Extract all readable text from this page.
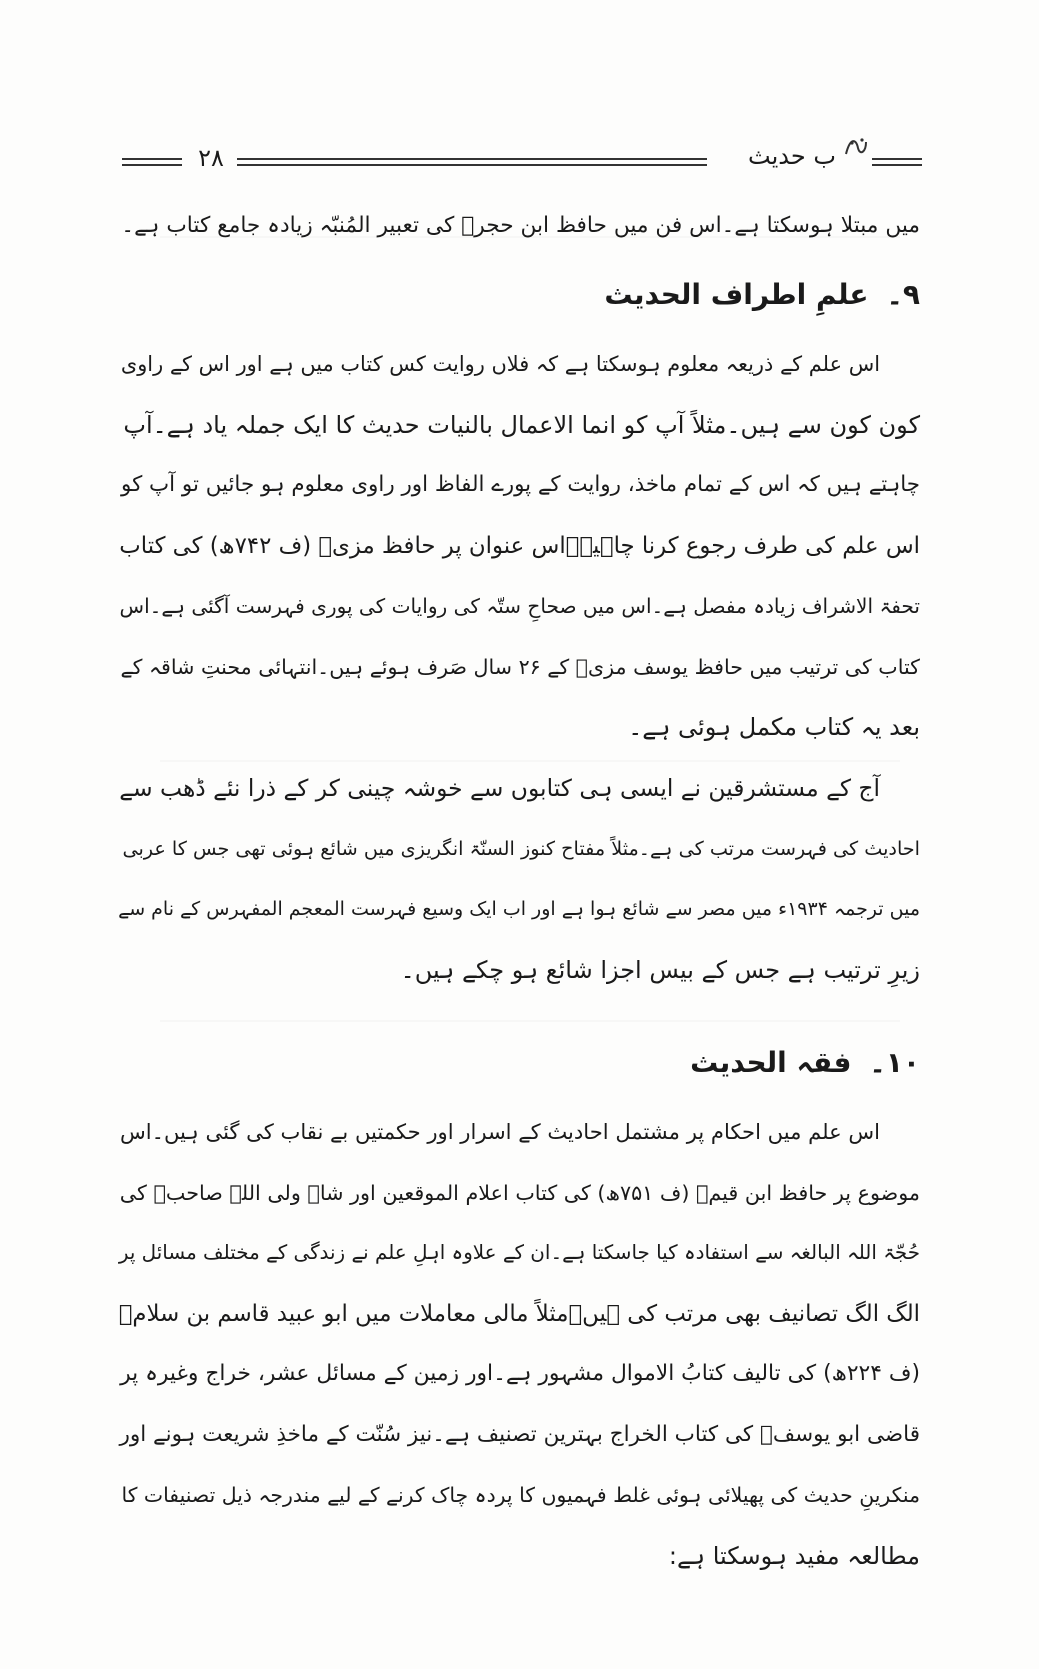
۲۸	ب حدیث
میں مبتلا ہوسکتا ہے۔اس فن میں حافظ ابن حجرؒ کی تعبیر المُنبّہ زیادہ جامع کتاب ہے۔
۹۔علمِ اطراف الحدیث
اس علم کے ذریعہ معلوم ہوسکتا ہے کہ فلاں روایت کس کتاب میں ہے اور اس کے راوی
کون کون سے ہیں۔مثلاً آپ کو انما الاعمال بالنیات حدیث کا ایک جملہ یاد ہے۔آپ
چاہتے ہیں کہ اس کے تمام ماخذ، روایت کے پورے الفاظ اور راوی معلوم ہو جائیں تو آپ کو
اس علم کی طرف رجوع کرنا چاہیے۔اس عنوان پر حافظ مزیؒ (ف ۷۴۲ھ) کی کتاب
تحفۃ الاشراف زیادہ مفصل ہے۔اس میں صحاحِ ستّہ کی روایات کی پوری فہرست آگئی ہے۔اس
کتاب کی ترتیب میں حافظ یوسف مزیؒ کے ۲۶ سال صَرف ہوئے ہیں۔انتہائی محنتِ شاقہ کے
بعد یہ کتاب مکمل ہوئی ہے۔
آج کے مستشرقین نے ایسی ہی کتابوں سے خوشہ چینی کر کے ذرا نئے ڈھب سے
احادیث کی فہرست مرتب کی ہے۔مثلاً مفتاح کنوز السنّۃ انگریزی میں شائع ہوئی تھی جس کا عربی
میں ترجمہ ۱۹۳۴ء میں مصر سے شائع ہوا ہے اور اب ایک وسیع فہرست المعجم المفہرس کے نام سے
زیرِ ترتیب ہے جس کے بیس اجزا شائع ہو چکے ہیں۔
۱۰۔فقہ الحدیث
اس علم میں احکام پر مشتمل احادیث کے اسرار اور حکمتیں بے نقاب کی گئی ہیں۔اس
موضوع پر حافظ ابن قیمؒ (ف ۷۵۱ھ) کی کتاب اعلام الموقعین اور شاہ ولی اللہ صاحبؒ کی
حُجّۃ اللہ البالغہ سے استفادہ کیا جاسکتا ہے۔ان کے علاوہ اہلِ علم نے زندگی کے مختلف مسائل پر
الگ الگ تصانیف بھی مرتب کی ہیں۔مثلاً مالی معاملات میں ابو عبید قاسم بن سلامؒ
(ف ۲۲۴ھ) کی تالیف کتابُ الاموال مشہور ہے۔اور زمین کے مسائل عشر، خراج وغیرہ پر
قاضی ابو یوسفؒ کی کتاب الخراج بہترین تصنیف ہے۔نیز سُنّت کے ماخذِ شریعت ہونے اور
منکرینِ حدیث کی پھیلائی ہوئی غلط فہمیوں کا پردہ چاک کرنے کے لیے مندرجہ ذیل تصنیفات کا
مطالعہ مفید ہوسکتا ہے:
